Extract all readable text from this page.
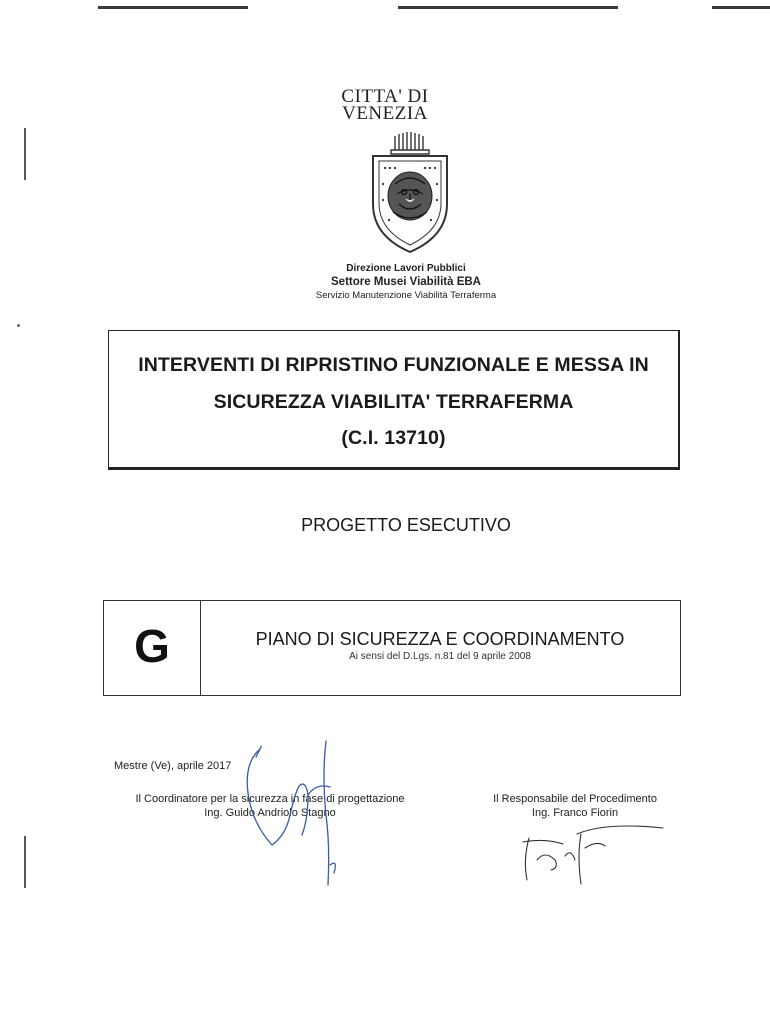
CITTA' DI
VENEZIA
Direzione Lavori Pubblici
Settore Musei Viabilità EBA
Servizio Manutenzione Viabilità Terraferma
INTERVENTI DI RIPRISTINO FUNZIONALE E MESSA IN
SICUREZZA VIABILITA' TERRAFERMA
(C.I. 13710)
PROGETTO ESECUTIVO
G	PIANO DI SICUREZZA E COORDINAMENTO
Ai sensi del D.Lgs. n.81 del 9 aprile 2008
Mestre (Ve), aprile 2017
Il Coordinatore per la sicurezza in fase di progettazione
Ing. Guido Andriolo Stagno
Il Responsabile del Procedimento
Ing. Franco Fiorin
